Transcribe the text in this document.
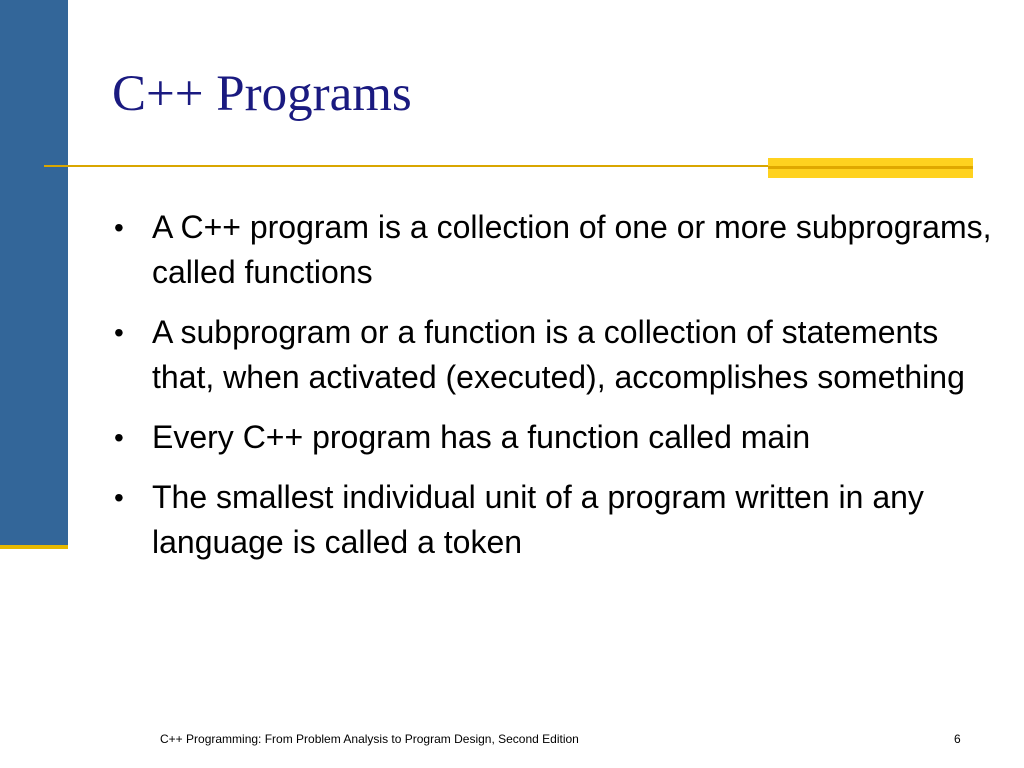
C++ Programs
• A C++ program is a collection of one or more subprograms, called functions
• A subprogram or a function is a collection of statements that, when activated (executed), accomplishes something
• Every C++ program has a function called main
• The smallest individual unit of a program written in any language is called a token
C++ Programming: From Problem Analysis to Program Design, Second Edition	6
